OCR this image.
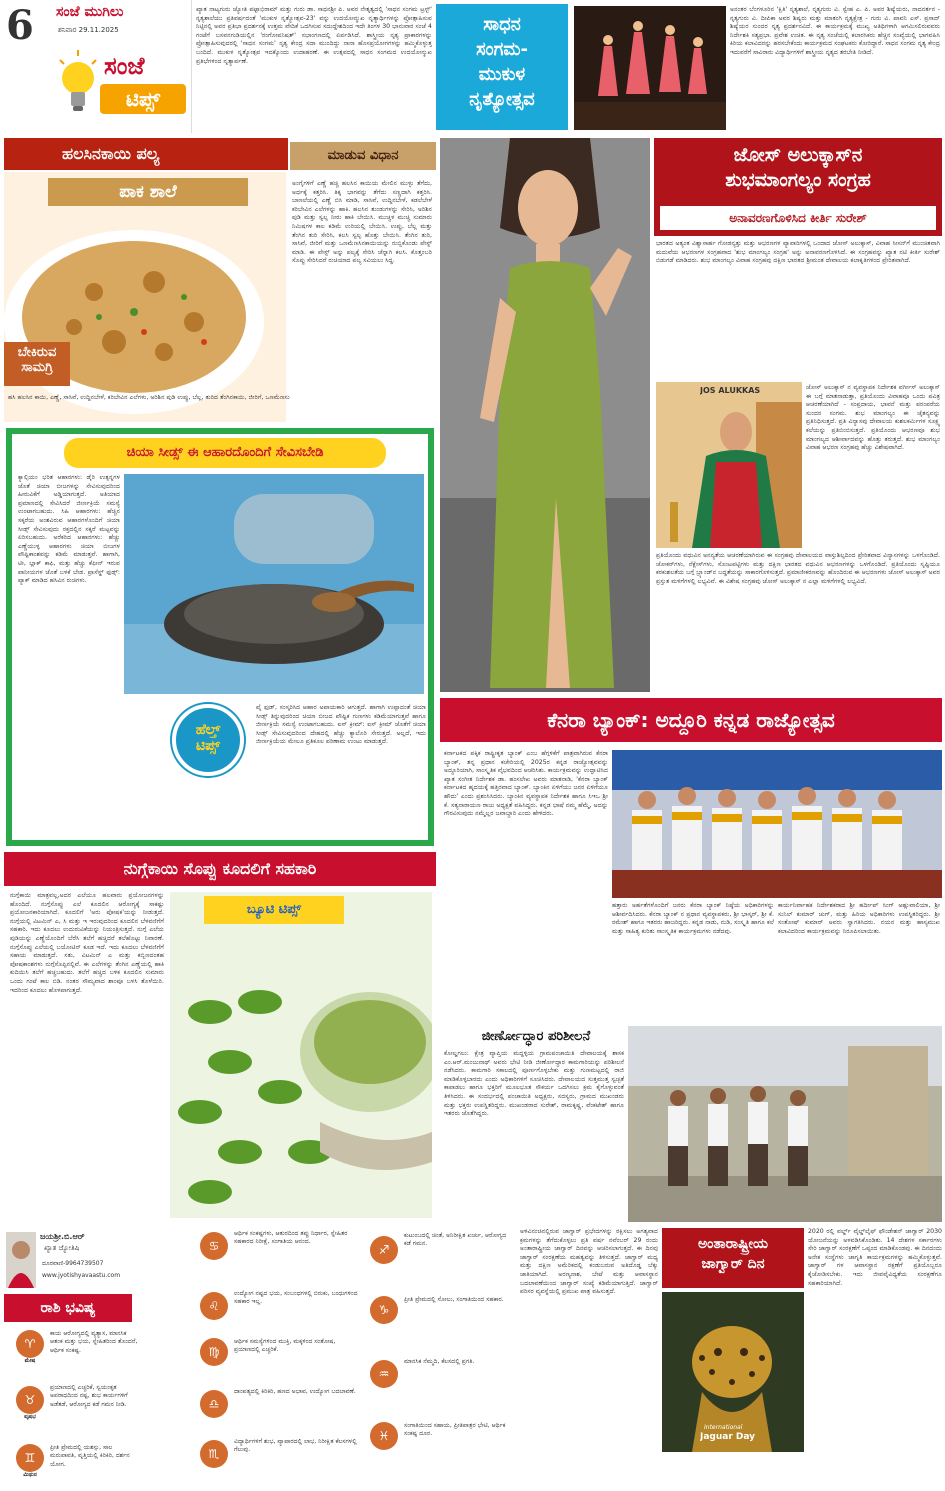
6 ಸಂಜೆ ಮುಗಿಲು
ಶನಿವಾರ 29.11.2025
ಸಂಜೆ
ಟಿಪ್ಸ್
ಖ್ಯಾತ ನಾಟ್ಯಗುರು ಜ್ಯೋತಿ ಪಟ್ಟಾಭಿರಾಮ್ ಮತ್ತು ಗುರು ಡಾ. ಸಾಧನಶ್ರೀ ಪಿ. ಅವರ ನೇತೃತ್ವದಲ್ಲಿ 'ಸಾಧನ ಸಂಗಮ ಟ್ರಸ್ಟ್' ನೃತ್ಯಶಾಲೆಯು ಪ್ರತಿವರ್ಷದಂತೆ 'ಮುಕುಳ ನೃತ್ಯೋತ್ಸವ-23' ವನ್ನು ಉದಯೋನ್ಮುಖ ನೃತ್ಯಾರ್ಥಿಗಳನ್ನು ಪ್ರೋತ್ಸಾಹಿಸುವ ನಿಟ್ಟಿನಲ್ಲಿ ಅವರ ಪ್ರತಿಭಾ ಪ್ರದರ್ಶನಕ್ಕೆ ಉತ್ತಮ ವೇದಿಕೆ ಒದಗಿಸುವ ಸದುದ್ದೇಶದಿಂದ ಇದೇ ತಿಂಗಳ 30 ಭಾನುವಾರ ಸಂಜೆ 4 ಗಂಟೆಗೆ ಬಸವನಗುಡಿಯಲ್ಲಿನ 'ರಂಗೋಪನಿಷತ್' ಸಭಾಂಗಣದಲ್ಲಿ ಏರ್ಪಡಿಸಿದೆ. ಶಾಸ್ತ್ರೀಯ ನೃತ್ಯ ಪ್ರಾಕಾರಗಳನ್ನು ಪ್ರೋತ್ಸಾಹಿಸುವುದರಲ್ಲಿ 'ಸಾಧನ ಸಂಗಮ' ನೃತ್ಯ ಕೇಂದ್ರ ಸದಾ ಮುಂದಿದ್ದು ನಾನಾ ಹೊಸಪ್ರಯೋಗಗಳನ್ನು ಹಮ್ಮಿಕೊಳ್ಳುತ್ತ ಬಂದಿದೆ. ಮುಕುಳ ನೃತ್ಯೋತ್ಸವ ಇದಕ್ಕೊಂದು ಉದಾಹರಣೆ. ಈ ಉತ್ಸವದಲ್ಲಿ ಸಾಧನ ಸಂಗಮದ ಉದಯೋನ್ಮುಖ ಪ್ರತಿಭೆಗಳಿಂದ ನೃತ್ಯಾರ್ಪಣೆ.
ಸಾಧನ
ಸಂಗಮ-
ಮುಕುಳ
ನೃತ್ಯೋತ್ಸವ
ಅನಂತರ ಬೆಂಗಳೂರಿನ 'ಕ್ಷಿತಿ' ನೃತ್ಯಶಾಲೆ, ನೃತ್ಯಗುರು ವಿ. ಸ್ವೇಹ ಎ. ಪಿ. ಅವರ ಶಿಷ್ಯೆಯರು, ನಾದನರ್ತನ - ನೃತ್ಯಗುರು ವಿ. ದೀಪಿಕಾ ಅವರ ಶಿಷ್ಯರು ಮತ್ತು ಮಾತಂಗಿ ನೃತ್ಯಕ್ಷೇತ್ರ - ಗುರು ವಿ. ಪಾವನಿ ಎಸ್. ಪ್ರಸಾದ್ ಶಿಷ್ಯೆಯರ ಸುಂದರ ನೃತ್ಯ ಪ್ರದರ್ಶನವಿದೆ. ಈ ಕಾರ್ಯಕ್ರಮಕ್ಕೆ ಮುಖ್ಯ ಅತಿಥಿಗಳಾಗಿ ಆಗಮಿಸಲಿರುವವರು ನಿರ್ದೇಶಕಿ ಸತ್ಯಪ್ರಭಾ. ಪ್ರವೇಶ ಉಚಿತ. ಈ ನೃತ್ಯ ಸಂಜೆಯಲ್ಲಿ ಕಲಾರಸಿಕರು ಹೆಚ್ಚಿನ ಸಂಖ್ಯೆಯಲ್ಲಿ ಭಾಗವಹಿಸಿ ಕಿರಿಯ ಕಲಾವಿದರನ್ನು ಹರಸಬೇಕೆಂದು ಕಾರ್ಯಕ್ರಮದ ಸಂಘಟಕರು ಕೋರಿದ್ದಾರೆ. ಸಾಧನ ಸಂಗಮ ನೃತ್ಯ ಕೇಂದ್ರ ಇದುವರೆಗೆ ಸಾವಿರಾರು ವಿದ್ಯಾರ್ಥಿಗಳಿಗೆ ಶಾಸ್ತ್ರೀಯ ನೃತ್ಯದ ತರಬೇತಿ ನೀಡಿದೆ.
ಹಲಸಿನಕಾಯಿ ಪಲ್ಯ	ಮಾಡುವ ವಿಧಾನ
ಪಾಕ ಶಾಲೆ
ಬೇಕಿರುವ
ಸಾಮಗ್ರಿ
ಅಂಗೈಗಳಿಗೆ ಎಣ್ಣೆ ಹಚ್ಚಿ ಹಲಸಿನ ಕಾಯಿಯ ಮೇಲಿನ ಮುಳ್ಳು ತೆಗೆದು, ಅರ್ಧಕ್ಕೆ ಕತ್ತರಿಸಿ. ತಿಕ್ಕ ಭಾಗವನ್ನು ತೆಗೆದು ಸಣ್ಣದಾಗಿ ಕತ್ತರಿಸಿ. ಬಾಣಲೆಯಲ್ಲಿ ಎಣ್ಣೆ ಬಿಸಿ ಮಾಡಿ, ಸಾಸಿವೆ, ಉದ್ದಿನಬೇಳೆ, ಕಡಲೆಬೇಳೆ ಕರಿಬೇವಿನ ಎಲೆಗಳನ್ನು ಹಾಕಿ. ಹಲಸಿನ ತುಂಡುಗಳನ್ನು ಸೇರಿಸಿ, ಅರಿಶಿನ ಪುಡಿ ಮತ್ತು ಸ್ವಲ್ಪ ನೀರು ಹಾಕಿ ಬೇಯಿಸಿ. ಮುಚ್ಚಳ ಮುಚ್ಚಿ ಸುಮಾರು ನಿಮಿಷಗಳ ಕಾಲ ಕಡಿಮೆ ಉರಿಯಲ್ಲಿ ಬೇಯಿಸಿ. ಉಪ್ಪು, ಬೆಲ್ಲ ಮತ್ತು ತೆಂಗಿನ ತುರಿ ಸೇರಿಸಿ, ಕಲಸಿ ಸ್ವಲ್ಪ ಹೊತ್ತು ಬೇಯಿಸಿ. ತೆಂಗಿನ ತುರಿ, ಸಾಸಿವೆ, ಜೀರಿಗೆ ಮತ್ತು ಒಣಮೆಣಸಿನಕಾಯಿಯನ್ನು ರುಬ್ಬಿಕೊಂಡು ಪೇಸ್ಟ್ ಮಾಡಿ. ಈ ಪೇಸ್ಟ್ ಅನ್ನು ಪಲ್ಯಕ್ಕೆ ಸೇರಿಸಿ ಚೆನ್ನಾಗಿ ಕಲಸಿ. ಕೊತ್ತಂಬರಿ ಸೊಪ್ಪು ಸೇರಿಸಿದರೆ ರುಚಿಯಾದ ಪಲ್ಯ ಸವಿಯಲು ಸಿದ್ಧ.
ಹಸಿ ಹಲಸಿನ ಕಾಯಿ, ಎಣ್ಣೆ, ಸಾಸಿವೆ, ಉದ್ದಿನಬೇಳೆ, ಕರಿಬೇವಿನ ಎಲೆಗಳು, ಅರಿಶಿನ ಪುಡಿ ಉಪ್ಪು, ಬೆಲ್ಲ, ತುರಿದ ತೆಂಗಿನಕಾಯಿ, ಜೀರಿಗೆ, ಒಣಮೆಣಸು
ಚಿಯಾ ಸೀಡ್ಸ್ ಈ ಆಹಾರದೊಂದಿಗೆ ಸೇವಿಸಬೇಡಿ
ಕ್ಯಾಲ್ಸಿಯಂ ಭರಿತ ಆಹಾರಗಳು: ಡೈರಿ ಉತ್ಪನ್ನಗಳ ಜೊತೆ ಚಿಯಾ ಬೀಜಗಳನ್ನು ಸೇವಿಸುವುದರಿಂದ ಹೀರುವಿಕೆಗೆ ಅಡ್ಡಿಯಾಗುತ್ತದೆ. ಅತಿಯಾದ ಪ್ರಮಾಣದಲ್ಲಿ ಸೇವಿಸಿದರೆ ಜೀರ್ಣಕ್ರಿಯೆ ಸಮಸ್ಯೆ ಉಂಟಾಗಬಹುದು. ಸಿಹಿ ಆಹಾರಗಳು: ಹೆಚ್ಚಿನ ಸಕ್ಕರೆಯ ಅಂಶವಿರುವ ಆಹಾರಗಳೊಂದಿಗೆ ಚಿಯಾ ಸೀಡ್ಸ್ ಸೇವಿಸುವುದು ರಕ್ತದಲ್ಲಿನ ಸಕ್ಕರೆ ಮಟ್ಟವನ್ನು ಏರಿಸಬಹುದು. ಅರೆಕರಿದ ಆಹಾರಗಳು: ಹೆಚ್ಚು ಎಣ್ಣೆಯುಳ್ಳ ಆಹಾರಗಳು ಚಿಯಾ ಬೀಜಗಳ ಪೌಷ್ಟಿಕಾಂಶವನ್ನು ಕಡಿಮೆ ಮಾಡುತ್ತವೆ. ಹಾಗಾಗಿ, ಟೀ, ಬ್ಲಾಕ್ ಕಾಫಿ, ಮತ್ತು ಹೆಚ್ಚು ಕೆಫೀನ್ ಇರುವ ಪಾನೀಯಗಳ ಜೊತೆ ಬಳಕೆ ಬೇಡ. ಪ್ರಾಸೆಸ್ಡ್ ಫುಡ್ಸ್: ಪ್ಯಾಕ್ ಮಾಡಿದ ಹಸಿವಿನ ರುಚಿಗಳು.
ಹೆಲ್ತ್
ಟಿಪ್ಸ್
ಪೈ ಫುಡ್, ಸಂಸ್ಕರಿಸಿದ ಆಹಾರ ಅಪಾಯಕಾರಿ ಆಗುತ್ತದೆ. ಹಾಗಾಗಿ ಉಪ್ಪಾದಂತೆ ಚಿಯಾ ಸೀಡ್ಸ್ ತಿನ್ನುವುದರಿಂದ ಚಿಯಾ ಬೀಜದ ಪೌಷ್ಟಿಕ ಗುಣಗಳು ಕಡಿಮೆಯಾಗುತ್ತವೆ ಹಾಗೂ ಜೀರ್ಣಕ್ರಿಯೆ ಸಮಸ್ಯೆ ಉಂಟಾಗಬಹುದು. ಐಸ್ ಕ್ರೀಮ್: ಐಸ್ ಕ್ರೀಮ್ ಜೊತೆಗೆ ಚಿಯಾ ಸೀಡ್ಸ್ ಸೇವಿಸುವುದರಿಂದ ದೇಹದಲ್ಲಿ ಹೆಚ್ಚು ಕ್ಯಾಲೊರಿ ಸೇರುತ್ತದೆ. ಅಲ್ಲದೆ, ಇದು ಜೀರ್ಣಕ್ರಿಯೆಯ ಮೇಲೂ ಪ್ರತಿಕೂಲ ಪರಿಣಾಮ ಉಂಟು ಮಾಡುತ್ತದೆ.
ನುಗ್ಗೆಕಾಯಿ ಸೊಪ್ಪು ಕೂದಲಿಗೆ ಸಹಕಾರಿ
ನುಗ್ಗೆಕಾಯಿ ಮಾತ್ರವಲ್ಲ,ಅದರ ಎಲೆಯೂ ಹಲವಾರು ಪ್ರಯೋಜನಗಳನ್ನು ಹೊಂದಿದೆ. ನುಗ್ಗೆಸೊಪ್ಪು ಎಲೆ ಕೂದಲಿನ ಆರೋಗ್ಯಕ್ಕೆ ಸಾಕಷ್ಟು ಪ್ರಯೋಜನಕಾರಿಯಾಗಿದೆ. ಕೂದಲಿಗೆ 'ಅರು ಪೋಷಕ'ಯನ್ನು ನೀಡುತ್ತದೆ. ನುಗ್ಗೆಯಲ್ಲಿ ವಿಟಮಿನ್ ಎ, ಸಿ ಮತ್ತು ಇ ಇರುವುದರಿಂದ ಕೂದಲಿನ ಬೆಳವಣಿಗೆಗೆ ಸಹಕಾರಿ. ಇದು ಕೂದಲು ಉದುರುವಿಕೆಯನ್ನು ನಿಯಂತ್ರಿಸುತ್ತದೆ. ನುಗ್ಗೆ ಎಲೆಯ ಪುಡಿಯನ್ನು ಎಣ್ಣೆಯೊಂದಿಗೆ ಬೆರೆಸಿ ತಲೆಗೆ ಹಚ್ಚಿದರೆ ತಲೆಹೊಟ್ಟು ನಿವಾರಣೆ. ನುಗ್ಗೆಸೊಪ್ಪು ಎಲೆಯಲ್ಲಿ ಬಯೋಟಿನ್ ಕೂಡ ಇದೆ. ಇದು ಕೂದಲು ಬೆಳವಣಿಗೆಗೆ ಸಹಾಯ ಮಾಡುತ್ತದೆ. ಸತು, ವಿಟಮಿನ್ ಎ ಮತ್ತು ಕಬ್ಬಿಣದಂತಹ ಪೋಷಕಾಂಶಗಳು ನುಗ್ಗೆಸೊಪ್ಪಿನಲ್ಲಿವೆ. ಈ ಎಲೆಗಳನ್ನು ತೆಂಗಿನ ಎಣ್ಣೆಯಲ್ಲಿ ಹಾಕಿ ಕುದಿಯಿಸಿ ತಲೆಗೆ ಹಚ್ಚಬಹುದು. ತಲೆಗೆ ಹಚ್ಚಿದ ಬಳಿಕ ಕೂದಲಿನ ಸುಮಾರು ಒಂದು ಗಂಟೆ ಕಾಲ ಬಿಡಿ. ನಂತರ ಸೌಮ್ಯವಾದ ಶಾಂಪೂ ಬಳಸಿ ತೊಳೆಯಿರಿ. ಇದರಿಂದ ಕೂದಲು ಹೊಳಪಾಗುತ್ತದೆ.
ಬ್ಯೂಟಿ ಟಿಪ್ಸ್
ಜೋಸ್ ಅಲುಕ್ಕಾಸ್‌ನ
ಶುಭಮಾಂಗಲ್ಯಂ ಸಂಗ್ರಹ
ಅನಾವರಣಗೊಳಿಸಿದ ಕೀರ್ತಿ ಸುರೇಶ್
ಭಾರತದ ಅತ್ಯಂತ ವಿಶ್ವಾಸಾರ್ಹ ಗೋಡನ್ಯತ್ತು ಮತ್ತು ಆಭರಣಗಳ ವ್ಯಾಪಾರಿಗಳಲ್ಲಿ ಒಂದಾದ ಜೋಸ್ ಅಲುಕ್ಕಾಸ್, ವಿವಾಹ ಸೀಸನ್‌ಗೆ ಮುಂಚಿತವಾಗಿ ಮದುವೆಯ ಆಭರಣಗಳ ಸಂಗ್ರಹವಾದ 'ಶುಭ ಮಾಂಗಲ್ಯಂ ಸಂಗ್ರಹ' ಅನ್ನು ಅನಾವರಣಗೊಳಿಸಿದೆ. ಈ ಸಂಗ್ರಹವನ್ನು ಖ್ಯಾತ ನಟಿ ಕೀರ್ತಿ ಸುರೇಶ್ ಬಿಡುಗಡೆ ಮಾಡಿದರು. ಶುಭ ಮಾಂಗಲ್ಯಂ ವಿವಾಹ ಸಂಗ್ರಹವು ದಕ್ಷಿಣ ಭಾರತದ ಶ್ರೀಮಂತ ದೇವಾಲಯ ಕಲಾಕೃತಿಗಳಿಂದ ಪ್ರೇರಿತವಾಗಿದೆ.
JOS ALUKKAS	ಜೋಸ್ ಅಲುಕ್ಕಾಸ್ ನ ವ್ಯವಸ್ಥಾಪಕ ನಿರ್ದೇಶಕ ವರ್ಗೀಸ್ ಅಲುಕ್ಕಾಸ್ ಈ ಬಗ್ಗೆ ಮಾತನಾಡುತ್ತಾ, ಪ್ರತಿಯೊಂದು ವಿವಾಹವೂ ಒಂದು ಪವಿತ್ರ ಆಚರಣೆಯಾಗಿದೆ - ಸಂಪ್ರದಾಯ, ಭಾವನೆ ಮತ್ತು ಪರಂಪರೆಯ ಸುಂದರ ಸಂಗಮ. ಶುಭ ಮಾಂಗಲ್ಯಂ ಈ ಚೈತನ್ಯವನ್ನು ಪ್ರತಿನಿಧಿಸುತ್ತದೆ. ಪ್ರತಿ ವಿನ್ಯಾಸವು ದೇವಾಲಯ ಕುಶಲಕರ್ಮಿಗಳ ಸೂಕ್ಷ್ಮ ಕಲೆಯನ್ನು ಪ್ರತಿಬಿಂಬಿಸುತ್ತದೆ. ಪ್ರತಿಯೊಂದು ಆಭರಣವೂ ಶುಭ ಮಾಂಗಲ್ಯದ ಆಶೀರ್ವಾದವನ್ನು ಹೊತ್ತು ತರುತ್ತದೆ. ಶುಭ ಮಾಂಗಲ್ಯಂ ವಿವಾಹ ಆಭರಣ ಸಂಗ್ರಹವು ಹೆಚ್ಚು ವಿಶೇಷವಾಗಿದೆ.
ಪ್ರತಿಯೊಂದು ವಧುವಿನ ಅನನ್ಯತೆಯ ಆಚರಣೆಯಾಗಿರುವ ಈ ಸಂಗ್ರಹವು ದೇವಾಲಯದ ವಾಸ್ತುಶಿಲ್ಪದಿಂದ ಪ್ರೇರಿತವಾದ ವಿನ್ಯಾಸಗಳನ್ನು ಒಳಗೊಂಡಿದೆ. ಚೋಕರ್‌ಗಳು, ನೆಕ್ಲೇಸ್‌ಗಳು, ಸೊಂಟಪಟ್ಟಿಗಳು ಮತ್ತು ದಕ್ಷಿಣ ಭಾರತದ ವಧುವಿನ ಆಭರಣಗಳನ್ನು ಒಳಗೊಂಡಿದೆ. ಪ್ರತಿಯೊಂದು ಸೃಷ್ಟಿಯೂ ಕರಕುಶಲತೆಯ ಬಗ್ಗೆ ಬ್ರ್ಯಾಂಡ್‌ನ ಬದ್ಧತೆಯನ್ನು ಸಾಕಾರಗೊಳಿಸುತ್ತದೆ. ಪ್ರಮಾಣೀಕರಣವನ್ನು ಹೊಂದಿರುವ ಈ ಆಭರಣಗಳು ಜೋಸ್ ಅಲುಕ್ಕಾಸ್ ಅವರ ಪ್ರಸ್ತುತ ಮಳಿಗೆಗಳಲ್ಲಿ ಲಭ್ಯವಿವೆ. ಈ ವಿಶೇಷ ಸಂಗ್ರಹವು ಜೋಸ್ ಅಲುಕ್ಕಾಸ್ ನ ಎಲ್ಲಾ ಮಳಿಗೆಗಳಲ್ಲಿ ಲಭ್ಯವಿದೆ.
ಕೆನರಾ ಬ್ಯಾಂಕ್: ಅದ್ದೂರಿ ಕನ್ನಡ ರಾಜ್ಯೋತ್ಸವ
ಕರ್ನಾಟಕದ ಪಕ್ಕಿಕ ರಾಷ್ಟ್ರೀಕೃತ ಬ್ಯಾಂಕ್ ಎಂಬ ಹೆಗ್ಗಳಿಕೆಗೆ ಪಾತ್ರವಾಗಿರುವ ಕೆನರಾ ಬ್ಯಾಂಕ್, ತನ್ನ ಪ್ರಧಾನ ಕಚೇರಿಯಲ್ಲಿ 2025ರ ಕನ್ನಡ ರಾಜ್ಯೋತ್ಸವವನ್ನು ಅದ್ದೂರಿಯಾಗಿ, ಸಾಂಸ್ಕೃತಿಕ ವೈಭವದಿಂದ ಆಚರಿಸಿತು. ಕಾರ್ಯಕ್ರಮವನ್ನು ಉದ್ಘಾಟಿಸಿದ ಖ್ಯಾತ ಸಂಗೀತ ನಿರ್ದೇಶಕ ಡಾ. ಹಂಸಲೇಖ ಅವರು ಮಾತನಾಡಿ, 'ಕೆನರಾ ಬ್ಯಾಂಕ್ ಕರ್ನಾಟಕದ ಹೃದಯಕ್ಕೆ ಹತ್ತಿರವಾದ ಬ್ಯಾಂಕ್. ಬ್ಯಾಂಕಿನ ಏಳಿಗೆಯು ಜನರ ಏಳಿಗೆಯೂ ಹೌದು' ಎಂದು ಪ್ರಶಂಸಿಸಿದರು. ಬ್ಯಾಂಕಿನ ವ್ಯವಸ್ಥಾಪಕ ನಿರ್ದೇಶಕ ಹಾಗೂ ಸಿಇಒ ಶ್ರೀ ಕೆ. ಸತ್ಯನಾರಾಯಣ ರಾಜು ಅಧ್ಯಕ್ಷತೆ ವಹಿಸಿದ್ದರು. ಕನ್ನಡ ಭಾಷೆ ನಮ್ಮ ಹೆಮ್ಮೆ, ಅದನ್ನು ಗೌರವಿಸುವುದು ನಮ್ಮೆಲ್ಲರ ಜವಾಬ್ದಾರಿ ಎಂದು ಹೇಳಿದರು.
ಹತ್ತಾರು ಅರ್ಹತೆಗಳೊಂದಿಗೆ ಜನರು ಕೆನರಾ ಬ್ಯಾಂಕ್ ನಿಷ್ಠೆಯ ಅಧಿಕಾರಿಗಳನ್ನು ಆಶೀರ್ವದಿಸಿದರು. ಕೆನರಾ ಬ್ಯಾಂಕ್ ನ ಪ್ರಧಾನ ವ್ಯವಸ್ಥಾಪಕರು, ಶ್ರೀ ಭಾಸ್ಕರ್, ಶ್ರೀ ಕೆ. ರಮೇಶ್ ಹಾಗೂ ಇತರರು ಹಾಜರಿದ್ದರು. ಕನ್ನಡ ನಾಡು, ನುಡಿ, ಸಂಸ್ಕೃತಿ ಹಾಗೂ ಕಲೆ ಮತ್ತು ಸಾಹಿತ್ಯ ಕುರಿತು ಸಾಂಸ್ಕೃತಿಕ ಕಾರ್ಯಕ್ರಮಗಳು ನಡೆದವು.
ಕಾರ್ಯನಿರ್ವಾಹಕ ನಿರ್ದೇಶಕರಾದ ಶ್ರೀ ಹರ್ದೀಪ್ ಸಿಂಗ್ ಅಹ್ಲುವಾಲಿಯಾ, ಶ್ರೀ ಸುನಿಲ್ ಕುಮಾರ್ ಚುಗ್, ಮತ್ತು ಹಿರಿಯ ಅಧಿಕಾರಿಗಳು ಉಪಸ್ಥಿತರಿದ್ದರು. ಶ್ರೀ ಸಂತೋಷ್ ಕುಮಾರ್ ಅವರು ಸ್ವಾಗತಿಸಿದರು. ನಯನ ಮತ್ತು ಹಾಸ್ಯಮುಖ ಕಲಾವಿದರಿಂದ ಕಾರ್ಯಕ್ರಮವನ್ನು ನಿರೂಪಿಸಲಾಯಿತು.
ಜೀರ್ಣೋದ್ಧಾರ ಪರಿಶೀಲನೆ
ಕೋಲ್ಡಗಲು: ಕ್ಷೇತ್ರ ವ್ಯಾಪ್ತಿಯ ಮದ್ದಳ್ಳಿಯ ಗ್ರಾಮಪಂಚಾಯಿತಿ ದೇವಾಲಯಕ್ಕೆ ಶಾಸಕ ಎಂ.ಆರ್.ಮಂಜುನಾಥ್ ಅವರು ಭೇಟಿ ನೀಡಿ ಜೀರ್ಣೋದ್ಧಾರ ಕಾಮಗಾರಿಯನ್ನು ಪರಿಶೀಲನೆ ನಡೆಸಿದರು. ಕಾಮಗಾರಿ ಸಕಾಲದಲ್ಲಿ ಪೂರ್ಣಗೊಳ್ಳಬೇಕು ಮತ್ತು ಗುಣಮಟ್ಟದಲ್ಲಿ ರಾಜಿ ಮಾಡಿಕೊಳ್ಳಬಾರದು ಎಂದು ಅಧಿಕಾರಿಗಳಿಗೆ ಸೂಚಿಸಿದರು. ದೇವಾಲಯದ ಸುತ್ತಮುತ್ತ ಸ್ವಚ್ಛತೆ ಕಾಪಾಡಲು ಹಾಗೂ ಭಕ್ತರಿಗೆ ಮೂಲಭೂತ ಸೌಕರ್ಯ ಒದಗಿಸಲು ಕ್ರಮ ಕೈಗೊಳ್ಳುವಂತೆ ತಿಳಿಸಿದರು. ಈ ಸಂದರ್ಭದಲ್ಲಿ ಪಂಚಾಯಿತಿ ಅಧ್ಯಕ್ಷರು, ಸದಸ್ಯರು, ಗ್ರಾಮದ ಮುಖಂಡರು ಮತ್ತು ಭಕ್ತರು ಉಪಸ್ಥಿತರಿದ್ದರು. ಮುಖಂಡರಾದ ಸುರೇಶ್, ರಾಮಕೃಷ್ಣ, ವೆಂಕಟೇಶ್ ಹಾಗೂ ಇತರರು ಜೊತೆಗಿದ್ದರು.
ಜಯಶ್ರೀ.ಬಿ.ಆರ್
ಖ್ಯಾತ ಜ್ಯೋತಿಷಿ
ದೂರವಾಣಿ-9964739507
www.jyotishyavaastu.com
ರಾಶಿ ಭವಿಷ್ಯ
♈
ಮೇಷ
ಕಾಯ ಆರೋಗ್ಯದಲ್ಲಿ ವ್ಯತ್ಯಾಸ, ಮಾನಸಿಕ ಆತಂಕ ಮತ್ತು ಭಯ, ಸ್ನೇಹಿತರಿಂದ ತೊಂದರೆ, ಆರ್ಥಿಕ ಸಂಕಷ್ಟ.
♉
ವೃಷಭ
ಪ್ರಯಾಣದಲ್ಲಿ ಎಚ್ಚರಿಕೆ, ಸ್ವಯಂಕೃತ ಅಪರಾಧದಿಂದ ನಷ್ಟ, ಶುಭ ಕಾರ್ಯಗಳಿಗೆ ಅಡೆತಡೆ, ಆರೋಗ್ಯದ ಕಡೆ ಗಮನ ನೀಡಿ.
♊
ಮಿಥುನ
ಪ್ರೀತಿ ಪ್ರೇಮದಲ್ಲಿ ಯಶಸ್ಸು, ಸಾಲ ಮರುಪಾವತಿ, ವೃತ್ತಿಯಲ್ಲಿ ಕಿರಿಕಿರಿ, ದರ್ಶನ ಯೋಗ.
♋
ಆರ್ಥಿಕ ಸಂಕಷ್ಟಗಳು, ಆತುರದಿಂದ ತಪ್ಪು ನಿರ್ಧಾರ, ಸ್ನೇಹಿತರ ಸಹಕಾರದ ನಿರೀಕ್ಷೆ, ಸಂಗಾತಿಯ ಆನಂದ.
♌
ಉದ್ಯೋಗ ನಷ್ಟದ ಭಯ, ಸಂಬಂಧಗಳಲ್ಲಿ ಬಿರುಕು, ಬಂಧುಗಳಿಂದ ಸಹಕಾರ ಇಲ್ಲ.
♍
ಆರ್ಥಿಕ ಸಮಸ್ಯೆಗಳಿಂದ ಮುಕ್ತಿ, ಮಕ್ಕಳಿಂದ ಸಂತೋಷ, ಪ್ರಯಾಣದಲ್ಲಿ ಎಚ್ಚರಿಕೆ.
♎
ದಾಂಪತ್ಯದಲ್ಲಿ ಕಿರಿಕಿರಿ, ಹಣದ ಅಭಾವ, ಉದ್ಯೋಗ ಬದಲಾವಣೆ.
♏
ವಿದ್ಯಾರ್ಥಿಗಳಿಗೆ ಶುಭ, ವ್ಯಾಪಾರದಲ್ಲಿ ಲಾಭ, ನಿರೀಕ್ಷಿತ ಕೆಲಸಗಳಲ್ಲಿ ಗೆಲುವು.
♐
ಕುಟುಂಬದಲ್ಲಿ ಚಿಂತೆ, ಅನಿರೀಕ್ಷಿತ ಖರ್ಚು, ಆರೋಗ್ಯದ ಕಡೆ ಗಮನ.
♑
ಪ್ರೀತಿ ಪ್ರೇಮದಲ್ಲಿ ಸೋಲು, ಸಂಗಾತಿಯಿಂದ ಸಹಕಾರ.
♒
ಮಾನಸಿಕ ನೆಮ್ಮದಿ, ಕೆಲಸದಲ್ಲಿ ಪ್ರಗತಿ.
♓
ಸಂಗಾತಿಯಿಂದ ಸಹಾಯ, ಪ್ರೀತಿಪಾತ್ರರ ಭೇಟಿ, ಆರ್ಥಿಕ ಸಂಕಷ್ಟ ದೂರ.
ಅಳಿವಿನಂಚಿನಲ್ಲಿರುವ ಜಾಗ್ವಾರ್ ಪ್ರಭೇದಗಳನ್ನು ರಕ್ಷಿಸಲು ಅಗತ್ಯವಾದ ಕ್ರಮಗಳನ್ನು ತೆಗೆದುಕೊಳ್ಳಲು ಪ್ರತಿ ವರ್ಷ ನವೆಂಬರ್ 29 ರಂದು ಅಂತಾರಾಷ್ಟ್ರೀಯ ಜಾಗ್ವಾರ್ ದಿನವನ್ನು ಆಚರಿಸಲಾಗುತ್ತದೆ. ಈ ದಿನವು ಜಾಗ್ವಾರ್ ಸಂರಕ್ಷಣೆಯ ಮಹತ್ವವನ್ನು ತಿಳಿಸುತ್ತದೆ. ಜಾಗ್ವಾರ್ ಮಧ್ಯ ಮತ್ತು ದಕ್ಷಿಣ ಅಮೆರಿಕದಲ್ಲಿ ಕಂಡುಬರುವ ಅತಿದೊಡ್ಡ ಬೆಕ್ಕು ಜಾತಿಯಾಗಿದೆ. ಅರಣ್ಯನಾಶ, ಬೇಟೆ ಮತ್ತು ಆವಾಸಸ್ಥಾನ ಬದಲಾವಣೆಯಿಂದ ಜಾಗ್ವಾರ್ ಸಂಖ್ಯೆ ಕಡಿಮೆಯಾಗುತ್ತಿದೆ. ಜಾಗ್ವಾರ್ ಪರಿಸರ ವ್ಯವಸ್ಥೆಯಲ್ಲಿ ಪ್ರಮುಖ ಪಾತ್ರ ವಹಿಸುತ್ತದೆ.
ಅಂತಾರಾಷ್ಟ್ರೀಯ
ಜಾಗ್ವಾರ್ ದಿನ
International
Jaguar Day
2020 ರಲ್ಲಿ ವರ್ಲ್ಡ್ ವೈಲ್ಡ್‌ಲೈಫ್ ಫೌಂಡೇಶನ್ ಜಾಗ್ವಾರ್ 2030 ಯೋಜನೆಯನ್ನು ಅಳವಡಿಸಿಕೊಂಡಿತು. 14 ದೇಶಗಳ ಸರ್ಕಾರಗಳು ಸೇರಿ ಜಾಗ್ವಾರ್ ಸಂರಕ್ಷಣೆಗೆ ಒಪ್ಪಂದ ಮಾಡಿಕೊಂಡವು. ಈ ದಿನದಂದು ಅನೇಕ ಸಂಸ್ಥೆಗಳು ಜಾಗೃತಿ ಕಾರ್ಯಕ್ರಮಗಳನ್ನು ಹಮ್ಮಿಕೊಳ್ಳುತ್ತವೆ. ಜಾಗ್ವಾರ್ ಗಳ ಆವಾಸಸ್ಥಾನ ರಕ್ಷಣೆಗೆ ಪ್ರತಿಯೊಬ್ಬರೂ ಕೈಜೋಡಿಸಬೇಕು. ಇದು ಜೀವವೈವಿಧ್ಯತೆಯ ಸಂರಕ್ಷಣೆಗೂ ಸಹಕಾರಿಯಾಗಿದೆ.
